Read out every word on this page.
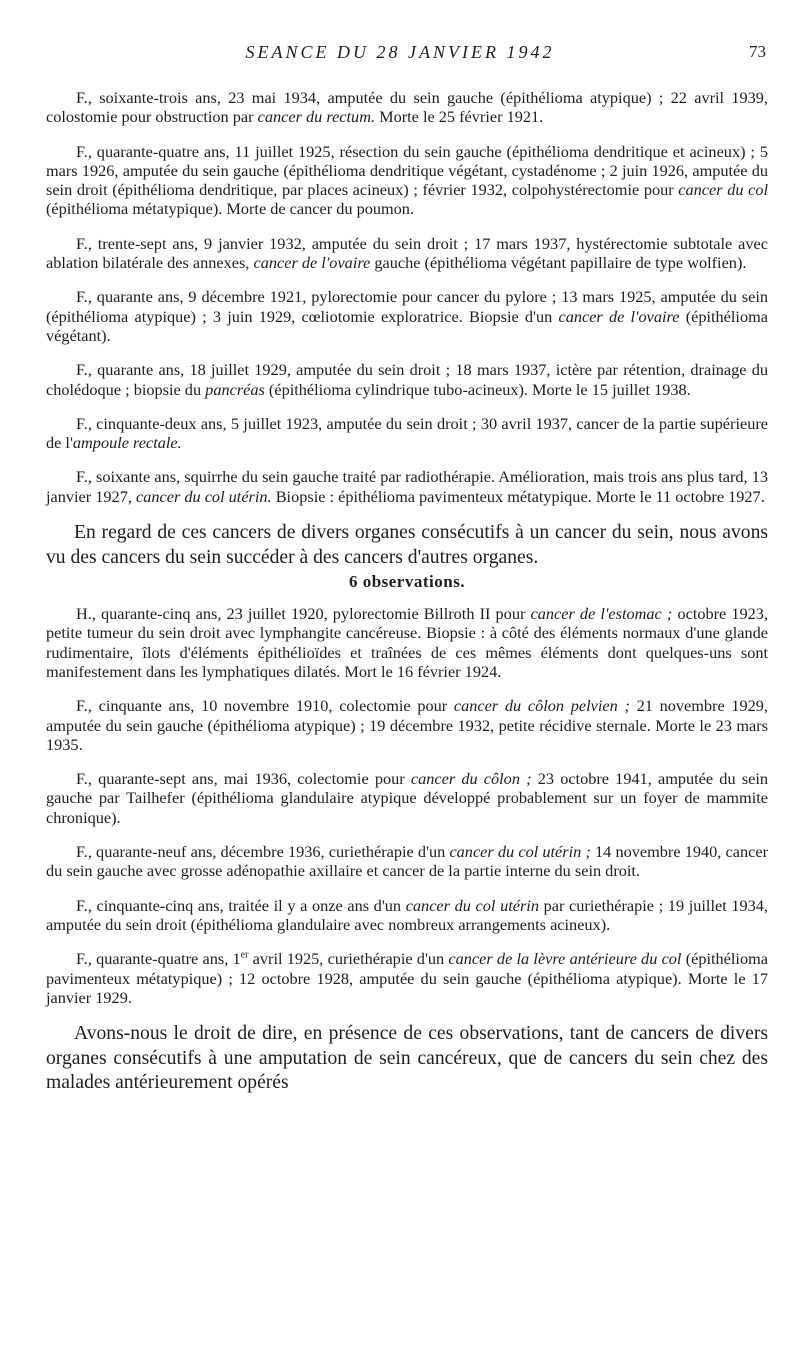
SEANCE DU 28 JANVIER 1942	73

F., soixante-trois ans, 23 mai 1934, amputée du sein gauche (épithélioma atypique) ; 22 avril 1939, colostomie pour obstruction par cancer du rectum. Morte le 25 février 1921.

F., quarante-quatre ans, 11 juillet 1925, résection du sein gauche (épithélioma dendritique et acineux) ; 5 mars 1926, amputée du sein gauche (épithélioma dendritique végétant, cystadénome ; 2 juin 1926, amputée du sein droit (épithélioma dendritique, par places acineux) ; février 1932, colpohystérectomie pour cancer du col (épithélioma métatypique). Morte de cancer du poumon.

F., trente-sept ans, 9 janvier 1932, amputée du sein droit ; 17 mars 1937, hystérectomie subtotale avec ablation bilatérale des annexes, cancer de l'ovaire gauche (épithélioma végétant papillaire de type wolfien).

F., quarante ans, 9 décembre 1921, pylorectomie pour cancer du pylore ; 13 mars 1925, amputée du sein (épithélioma atypique) ; 3 juin 1929, cœliotomie exploratrice. Biopsie d'un cancer de l'ovaire (épithélioma végétant).

F., quarante ans, 18 juillet 1929, amputée du sein droit ; 18 mars 1937, ictère par rétention, drainage du cholédoque ; biopsie du pancréas (épithélioma cylindrique tubo-acineux). Morte le 15 juillet 1938.

F., cinquante-deux ans, 5 juillet 1923, amputée du sein droit ; 30 avril 1937, cancer de la partie supérieure de l'ampoule rectale.

F., soixante ans, squirrhe du sein gauche traité par radiothérapie. Amélioration, mais trois ans plus tard, 13 janvier 1927, cancer du col utérin. Biopsie : épithélioma pavimenteux métatypique. Morte le 11 octobre 1927.

En regard de ces cancers de divers organes consécutifs à un cancer du sein, nous avons vu des cancers du sein succéder à des cancers d'autres organes.

6 observations.

H., quarante-cinq ans, 23 juillet 1920, pylorectomie Billroth II pour cancer de l'estomac ; octobre 1923, petite tumeur du sein droit avec lymphangite cancéreuse. Biopsie : à côté des éléments normaux d'une glande rudimentaire, îlots d'éléments épithélioïdes et traînées de ces mêmes éléments dont quelques-uns sont manifestement dans les lymphatiques dilatés. Mort le 16 février 1924.

F., cinquante ans, 10 novembre 1910, colectomie pour cancer du côlon pelvien ; 21 novembre 1929, amputée du sein gauche (épithélioma atypique) ; 19 décembre 1932, petite récidive sternale. Morte le 23 mars 1935.

F., quarante-sept ans, mai 1936, colectomie pour cancer du côlon ; 23 octobre 1941, amputée du sein gauche par Tailhefer (épithélioma glandulaire atypique développé probablement sur un foyer de mammite chronique).

F., quarante-neuf ans, décembre 1936, curiethérapie d'un cancer du col utérin ; 14 novembre 1940, cancer du sein gauche avec grosse adénopathie axillaire et cancer de la partie interne du sein droit.

F., cinquante-cinq ans, traitée il y a onze ans d'un cancer du col utérin par curiethérapie ; 19 juillet 1934, amputée du sein droit (épithélioma glandulaire avec nombreux arrangements acineux).

F., quarante-quatre ans, 1er avril 1925, curiethérapie d'un cancer de la lèvre antérieure du col (épithélioma pavimenteux métatypique) ; 12 octobre 1928, amputée du sein gauche (épithélioma atypique). Morte le 17 janvier 1929.

Avons-nous le droit de dire, en présence de ces observations, tant de cancers de divers organes consécutifs à une amputation de sein cancéreux, que de cancers du sein chez des malades antérieurement opérés
